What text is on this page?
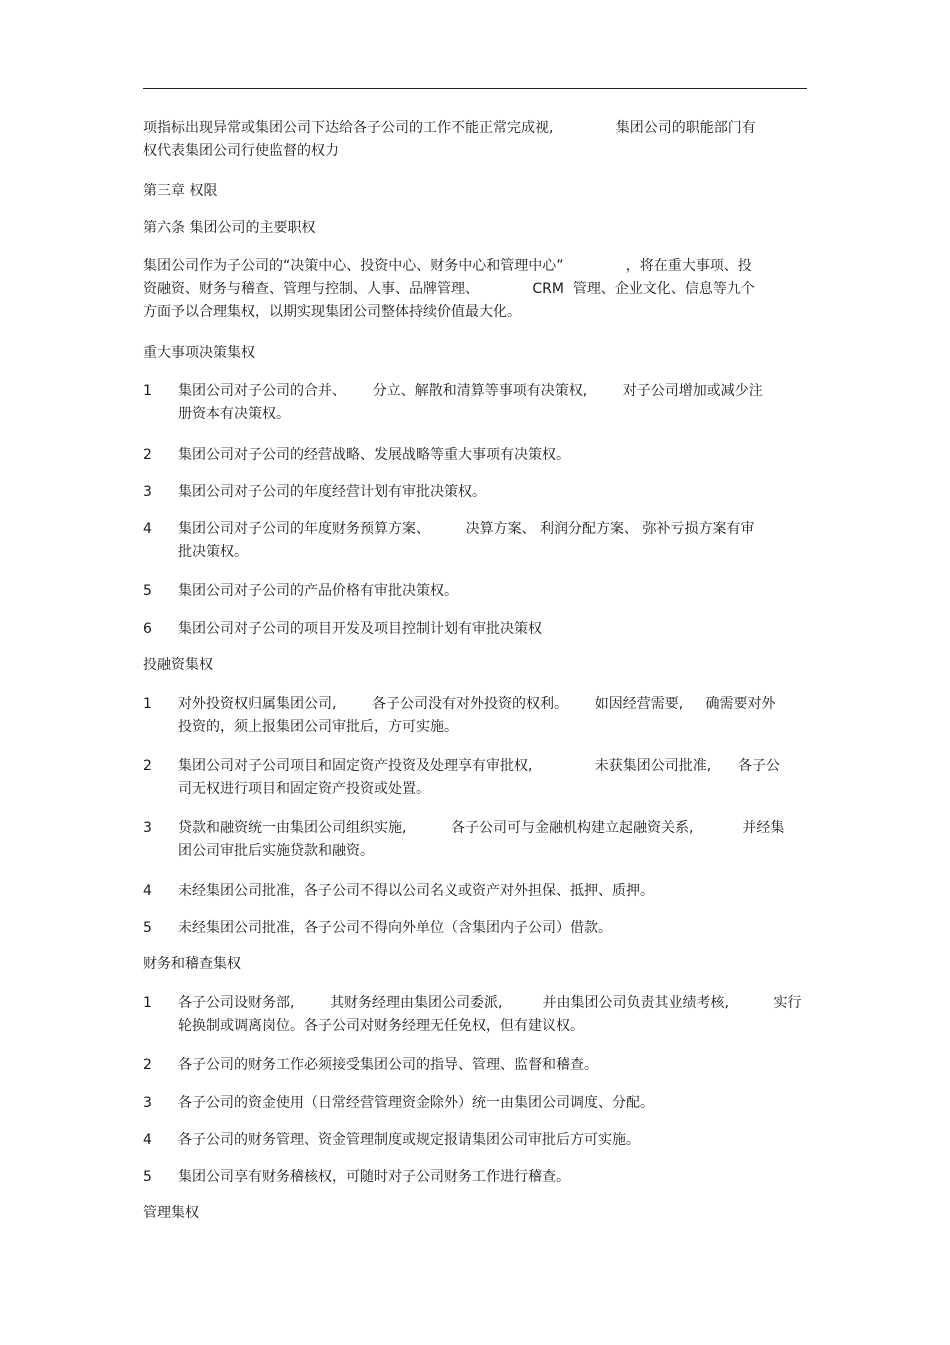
项指标出现异常或集团公司下达给各子公司的工作不能正常完成视,              集团公司的职能部门有
权代表集团公司行使监督的权力
第三章 权限
第六条 集团公司的主要职权
集团公司作为子公司的“决策中心、投资中心、财务中心和管理中心”              ，将在重大事项、投
资融资、财务与稽查、管理与控制、人事、品牌管理、            CRM  管理、企业文化、信息等九个
方面予以合理集权，以期实现集团公司整体持续价值最大化。
重大事项决策集权
1 集团公司对子公司的合并、      分立、解散和清算等事项有决策权,        对子公司增加或减少注
册资本有决策权。
2 集团公司对子公司的经营战略、发展战略等重大事项有决策权。
3 集团公司对子公司的年度经营计划有审批决策权。
4 集团公司对子公司的年度财务预算方案、        决算方案、 利润分配方案、 弥补亏损方案有审
批决策权。
5 集团公司对子公司的产品价格有审批决策权。
6 集团公司对子公司的项目开发及项目控制计划有审批决策权
投融资集权
1 对外投资权归属集团公司,        各子公司没有对外投资的权利。      如因经营需要,     确需要对外
投资的，须上报集团公司审批后，方可实施。
2 集团公司对子公司项目和固定资产投资及处理享有审批权,              未获集团公司批准,      各子公
司无权进行项目和固定资产投资或处置。
3 贷款和融资统一由集团公司组织实施,          各子公司可与金融机构建立起融资关系,           并经集
团公司审批后实施贷款和融资。
4 未经集团公司批准，各子公司不得以公司名义或资产对外担保、抵押、质押。
5 未经集团公司批准，各子公司不得向外单位（含集团内子公司）借款。
财务和稽查集权
1 各子公司设财务部,        其财务经理由集团公司委派,         并由集团公司负责其业绩考核,          实行
轮换制或调离岗位。各子公司对财务经理无任免权，但有建议权。
2 各子公司的财务工作必须接受集团公司的指导、管理、监督和稽查。
3 各子公司的资金使用（日常经营管理资金除外）统一由集团公司调度、分配。
4 各子公司的财务管理、资金管理制度或规定报请集团公司审批后方可实施。
5 集团公司享有财务稽核权，可随时对子公司财务工作进行稽查。
管理集权
